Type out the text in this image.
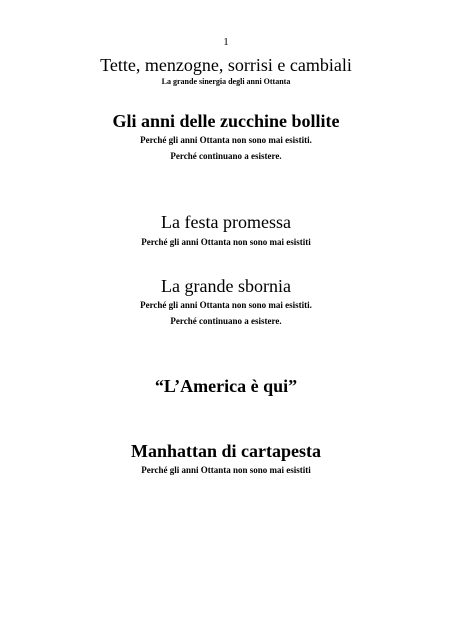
1
Tette, menzogne, sorrisi e cambiali
La grande sinergia degli anni Ottanta
Gli anni delle zucchine bollite
Perché gli anni Ottanta non sono mai esistiti.
Perché continuano a esistere.
La festa promessa
Perché gli anni Ottanta non sono mai esistiti
La grande sbornia
Perché gli anni Ottanta non sono mai esistiti.
Perché continuano a esistere.
“L’America è qui”
Manhattan di cartapesta
Perché gli anni Ottanta non sono mai esistiti
